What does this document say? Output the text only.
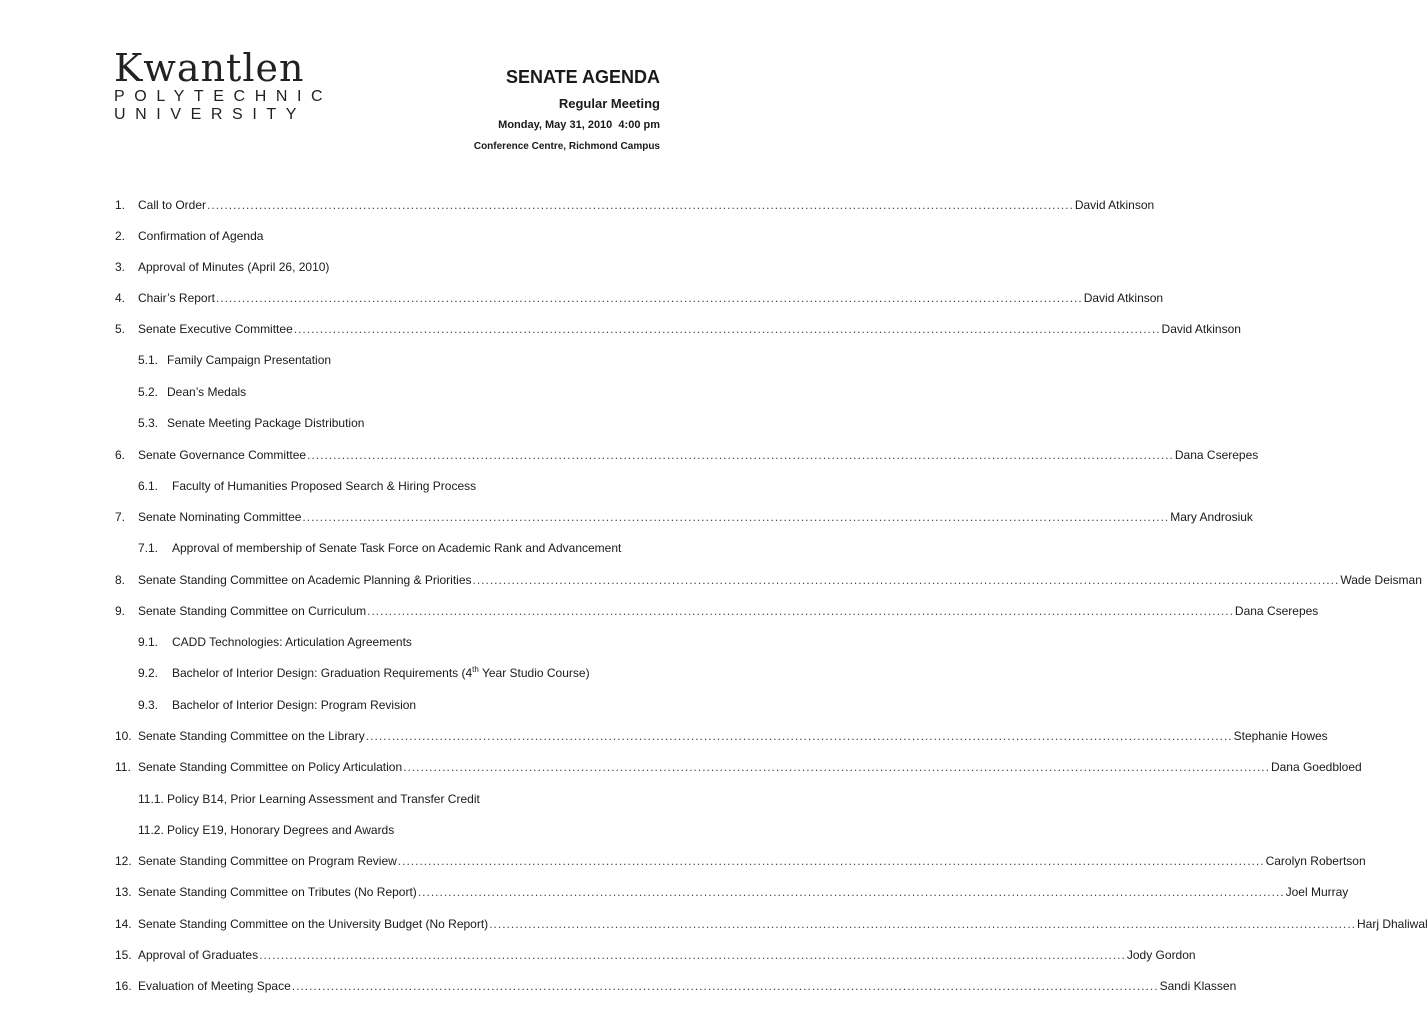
Kwantlen
POLYTECHNIC
UNIVERSITY
SENATE AGENDA
Regular Meeting
Monday, May 31, 2010 4:00 pm
Conference Centre, Richmond Campus
1.	Call to Order ........................................................................................................................................................................................................ David Atkinson
2.	Confirmation of Agenda
3.	Approval of Minutes (April 26, 2010)
4.	Chair’s Report ........................................................................................................................................................................................................ David Atkinson
5.	Senate Executive Committee ........................................................................................................................................................................................................ David Atkinson
5.1. Family Campaign Presentation
5.2. Dean’s Medals
5.3. Senate Meeting Package Distribution
6.	Senate Governance Committee ........................................................................................................................................................................................................ Dana Cserepes
6.1.	Faculty of Humanities Proposed Search & Hiring Process
7.	Senate Nominating Committee ........................................................................................................................................................................................................ Mary Androsiuk
7.1.	Approval of membership of Senate Task Force on Academic Rank and Advancement
8.	Senate Standing Committee on Academic Planning & Priorities ........................................................................................................................................................................................................ Wade Deisman
9.	Senate Standing Committee on Curriculum ........................................................................................................................................................................................................ Dana Cserepes
9.1.	CADD Technologies: Articulation Agreements
9.2.	Bachelor of Interior Design: Graduation Requirements (4th Year Studio Course)
9.3.	Bachelor of Interior Design: Program Revision
10. Senate Standing Committee on the Library ........................................................................................................................................................................................................ Stephanie Howes
11. Senate Standing Committee on Policy Articulation ........................................................................................................................................................................................................ Dana Goedbloed
11.1. Policy B14, Prior Learning Assessment and Transfer Credit
11.2. Policy E19, Honorary Degrees and Awards
12. Senate Standing Committee on Program Review ........................................................................................................................................................................................................ Carolyn Robertson
13. Senate Standing Committee on Tributes (No Report) ........................................................................................................................................................................................................ Joel Murray
14. Senate Standing Committee on the University Budget (No Report) ........................................................................................................................................................................................................ Harj Dhaliwal
15. Approval of Graduates ........................................................................................................................................................................................................ Jody Gordon
16. Evaluation of Meeting Space ........................................................................................................................................................................................................ Sandi Klassen
